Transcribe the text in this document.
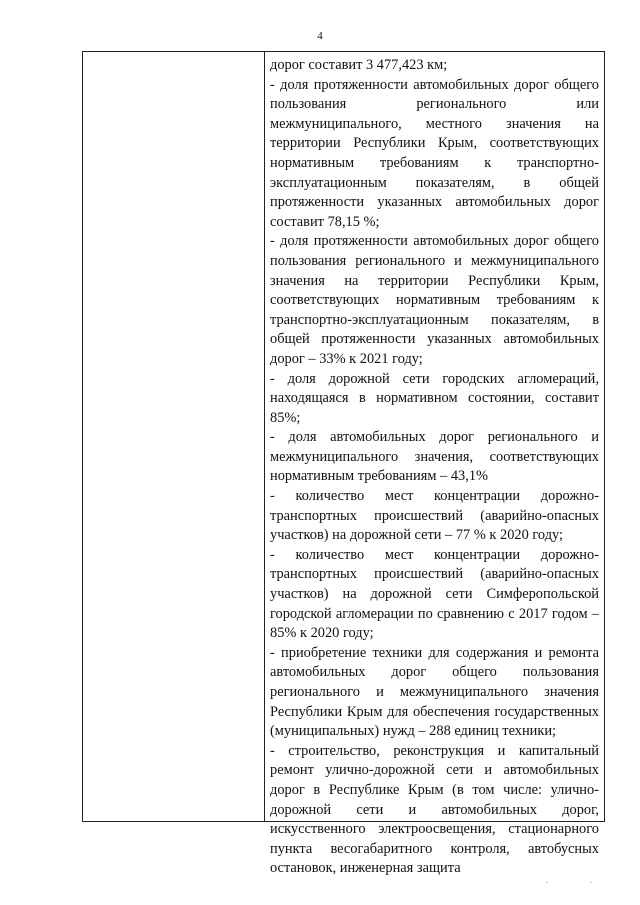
4

дорог составит 3 477,423 км;

- доля протяженности автомобильных дорог общего пользования регионального или межмуниципального, местного значения на территории Республики Крым, соответствующих нормативным требованиям к транспортно-эксплуатационным показателям, в общей протяженности указанных автомобильных дорог составит 78,15 %;

- доля протяженности автомобильных дорог общего пользования регионального и межмуниципального значения на территории Республики Крым, соответствующих нормативным требованиям к транспортно-эксплуатационным показателям, в общей протяженности указанных автомобильных дорог – 33% к 2021 году;

- доля дорожной сети городских агломераций, находящаяся в нормативном состоянии, составит 85%;

- доля автомобильных дорог регионального и межмуниципального значения, соответствующих нормативным требованиям – 43,1%

- количество мест концентрации дорожно-транспортных происшествий (аварийно-опасных участков) на дорожной сети – 77 % к 2020 году;

- количество мест концентрации дорожно-транспортных происшествий (аварийно-опасных участков) на дорожной сети Симферопольской городской агломерации по сравнению с 2017 годом – 85% к 2020 году;

- приобретение техники для содержания и ремонта автомобильных дорог общего пользования регионального и межмуниципального значения Республики Крым для обеспечения государственных (муниципальных) нужд – 288 единиц техники;

- строительство, реконструкция и капитальный ремонт улично-дорожной сети и автомобильных дорог в Республике Крым (в том числе: улично-дорожной сети и автомобильных дорог, искусственного электроосвещения, стационарного пункта весогабаритного контроля, автобусных остановок, инженерная защита

. .
